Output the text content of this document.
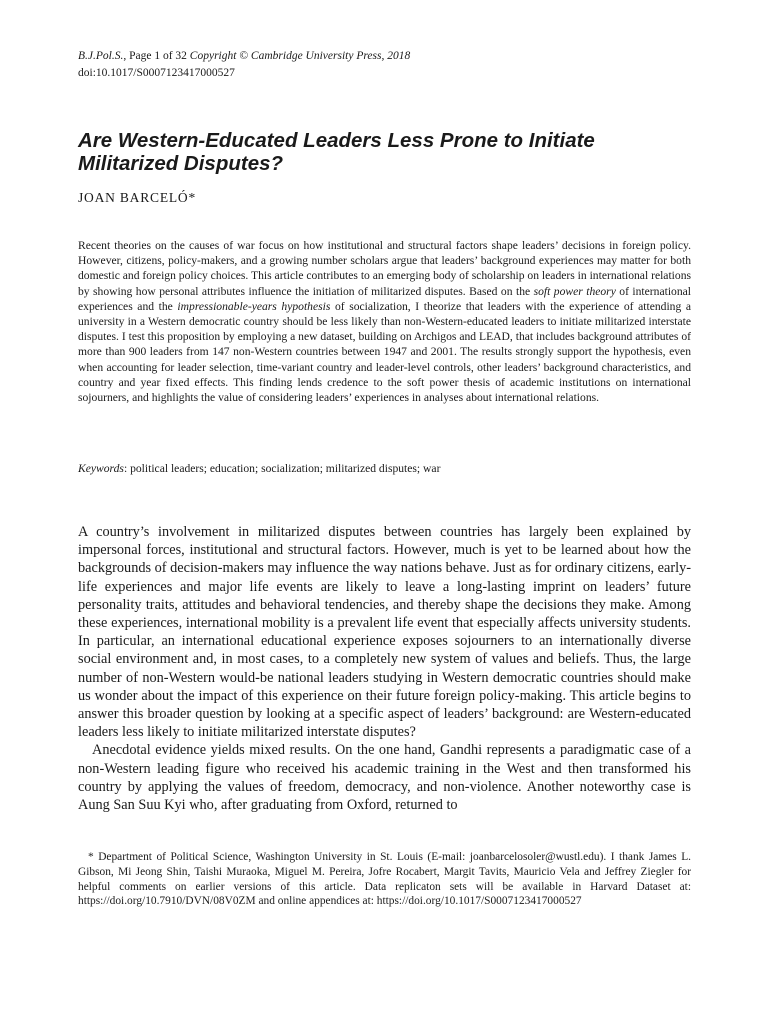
B.J.Pol.S., Page 1 of 32 Copyright © Cambridge University Press, 2018
doi:10.1017/S0007123417000527
Are Western-Educated Leaders Less Prone to Initiate Militarized Disputes?
JOAN BARCELÓ*

Recent theories on the causes of war focus on how institutional and structural factors shape leaders’ decisions in foreign policy. However, citizens, policy-makers, and a growing number scholars argue that leaders’ background experiences may matter for both domestic and foreign policy choices. This article contributes to an emerging body of scholarship on leaders in international relations by showing how personal attributes influence the initiation of militarized disputes. Based on the soft power theory of international experiences and the impressionable-years hypothesis of socialization, I theorize that leaders with the experience of attending a university in a Western democratic country should be less likely than non-Western-educated leaders to initiate militarized interstate disputes. I test this proposition by employing a new dataset, building on Archigos and LEAD, that includes background attributes of more than 900 leaders from 147 non-Western countries between 1947 and 2001. The results strongly support the hypothesis, even when accounting for leader selection, time-variant country and leader-level controls, other leaders’ background characteristics, and country and year fixed effects. This finding lends credence to the soft power thesis of academic institutions on international sojourners, and highlights the value of considering leaders’ experiences in analyses about international relations.

Keywords: political leaders; education; socialization; militarized disputes; war

A country’s involvement in militarized disputes between countries has largely been explained by impersonal forces, institutional and structural factors. However, much is yet to be learned about how the backgrounds of decision-makers may influence the way nations behave. Just as for ordinary citizens, early-life experiences and major life events are likely to leave a long-lasting imprint on leaders’ future personality traits, attitudes and behavioral tendencies, and thereby shape the decisions they make. Among these experiences, international mobility is a prevalent life event that especially affects university students. In particular, an international educational experience exposes sojourners to an internationally diverse social environment and, in most cases, to a completely new system of values and beliefs. Thus, the large number of non-Western would-be national leaders studying in Western democratic countries should make us wonder about the impact of this experience on their future foreign policy-making. This article begins to answer this broader question by looking at a specific aspect of leaders’ background: are Western-educated leaders less likely to initiate militarized interstate disputes?

Anecdotal evidence yields mixed results. On the one hand, Gandhi represents a paradigmatic case of a non-Western leading figure who received his academic training in the West and then transformed his country by applying the values of freedom, democracy, and non-violence. Another noteworthy case is Aung San Suu Kyi who, after graduating from Oxford, returned to

* Department of Political Science, Washington University in St. Louis (E-mail: joanbarcelosoler@wustl.edu). I thank James L. Gibson, Mi Jeong Shin, Taishi Muraoka, Miguel M. Pereira, Jofre Rocabert, Margit Tavits, Mauricio Vela and Jeffrey Ziegler for helpful comments on earlier versions of this article. Data replicaton sets will be available in Harvard Dataset at: https://doi.org/10.7910/DVN/08V0ZM and online appendices at: https://doi.org/10.1017/S0007123417000527
